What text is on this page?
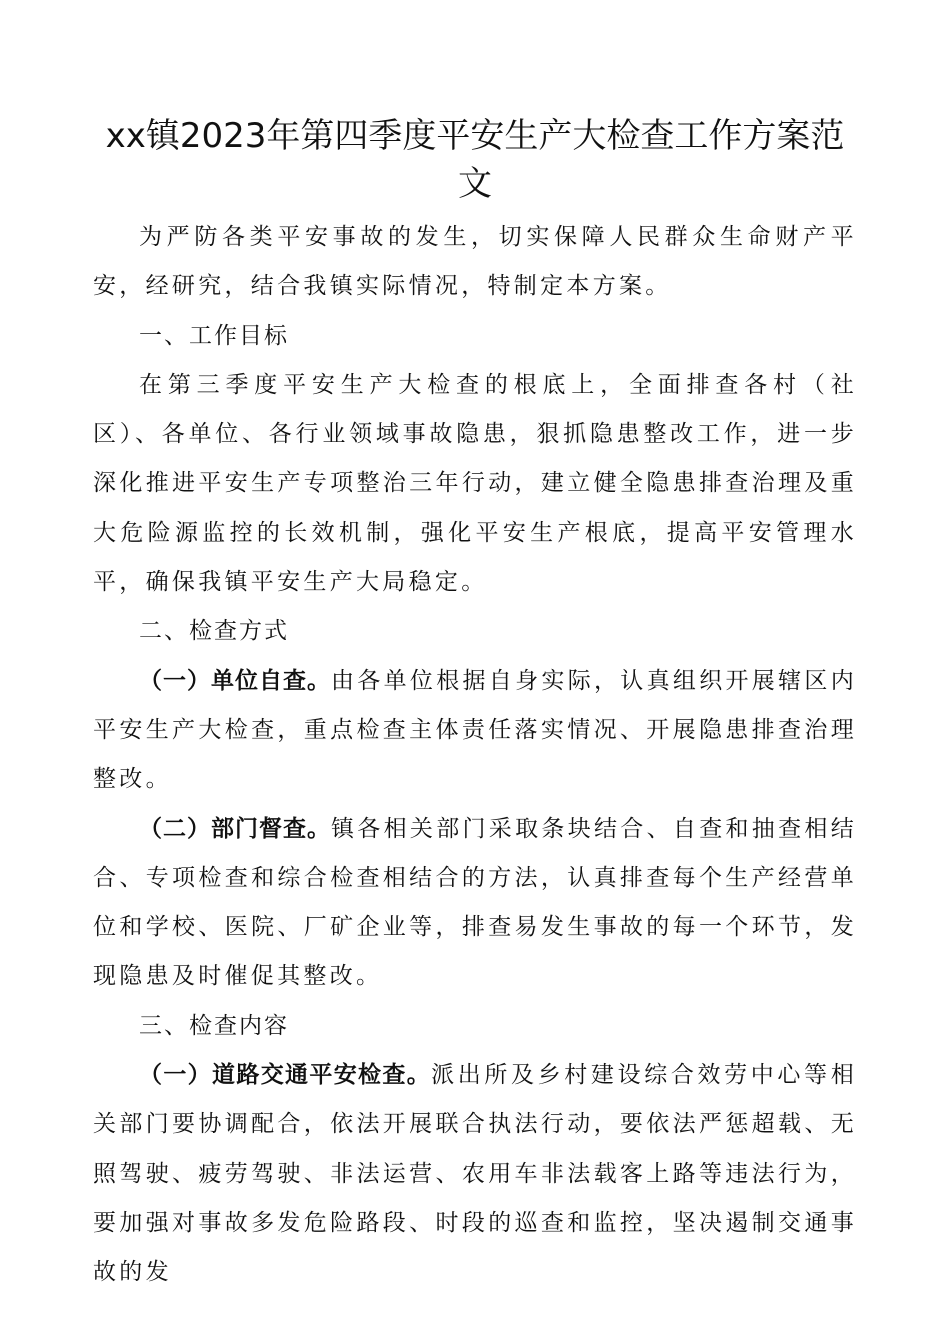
xx镇2023年第四季度平安生产大检查工作方案范
文

为严防各类平安事故的发生，切实保障人民群众生命财产平安，经研究，结合我镇实际情况，特制定本方案。

一、工作目标

在第三季度平安生产大检查的根底上，全面排查各村（社区）、各单位、各行业领域事故隐患，狠抓隐患整改工作，进一步深化推进平安生产专项整治三年行动，建立健全隐患排查治理及重大危险源监控的长效机制，强化平安生产根底，提高平安管理水平，确保我镇平安生产大局稳定。

二、检查方式

（一）单位自查。由各单位根据自身实际，认真组织开展辖区内平安生产大检查，重点检查主体责任落实情况、开展隐患排查治理整改。

（二）部门督查。镇各相关部门采取条块结合、自查和抽查相结合、专项检查和综合检查相结合的方法，认真排查每个生产经营单位和学校、医院、厂矿企业等，排查易发生事故的每一个环节，发现隐患及时催促其整改。

三、检查内容

（一）道路交通平安检查。派出所及乡村建设综合效劳中心等相关部门要协调配合，依法开展联合执法行动，要依法严惩超载、无照驾驶、疲劳驾驶、非法运营、农用车非法载客上路等违法行为，要加强对事故多发危险路段、时段的巡查和监控，坚决遏制交通事故的发
